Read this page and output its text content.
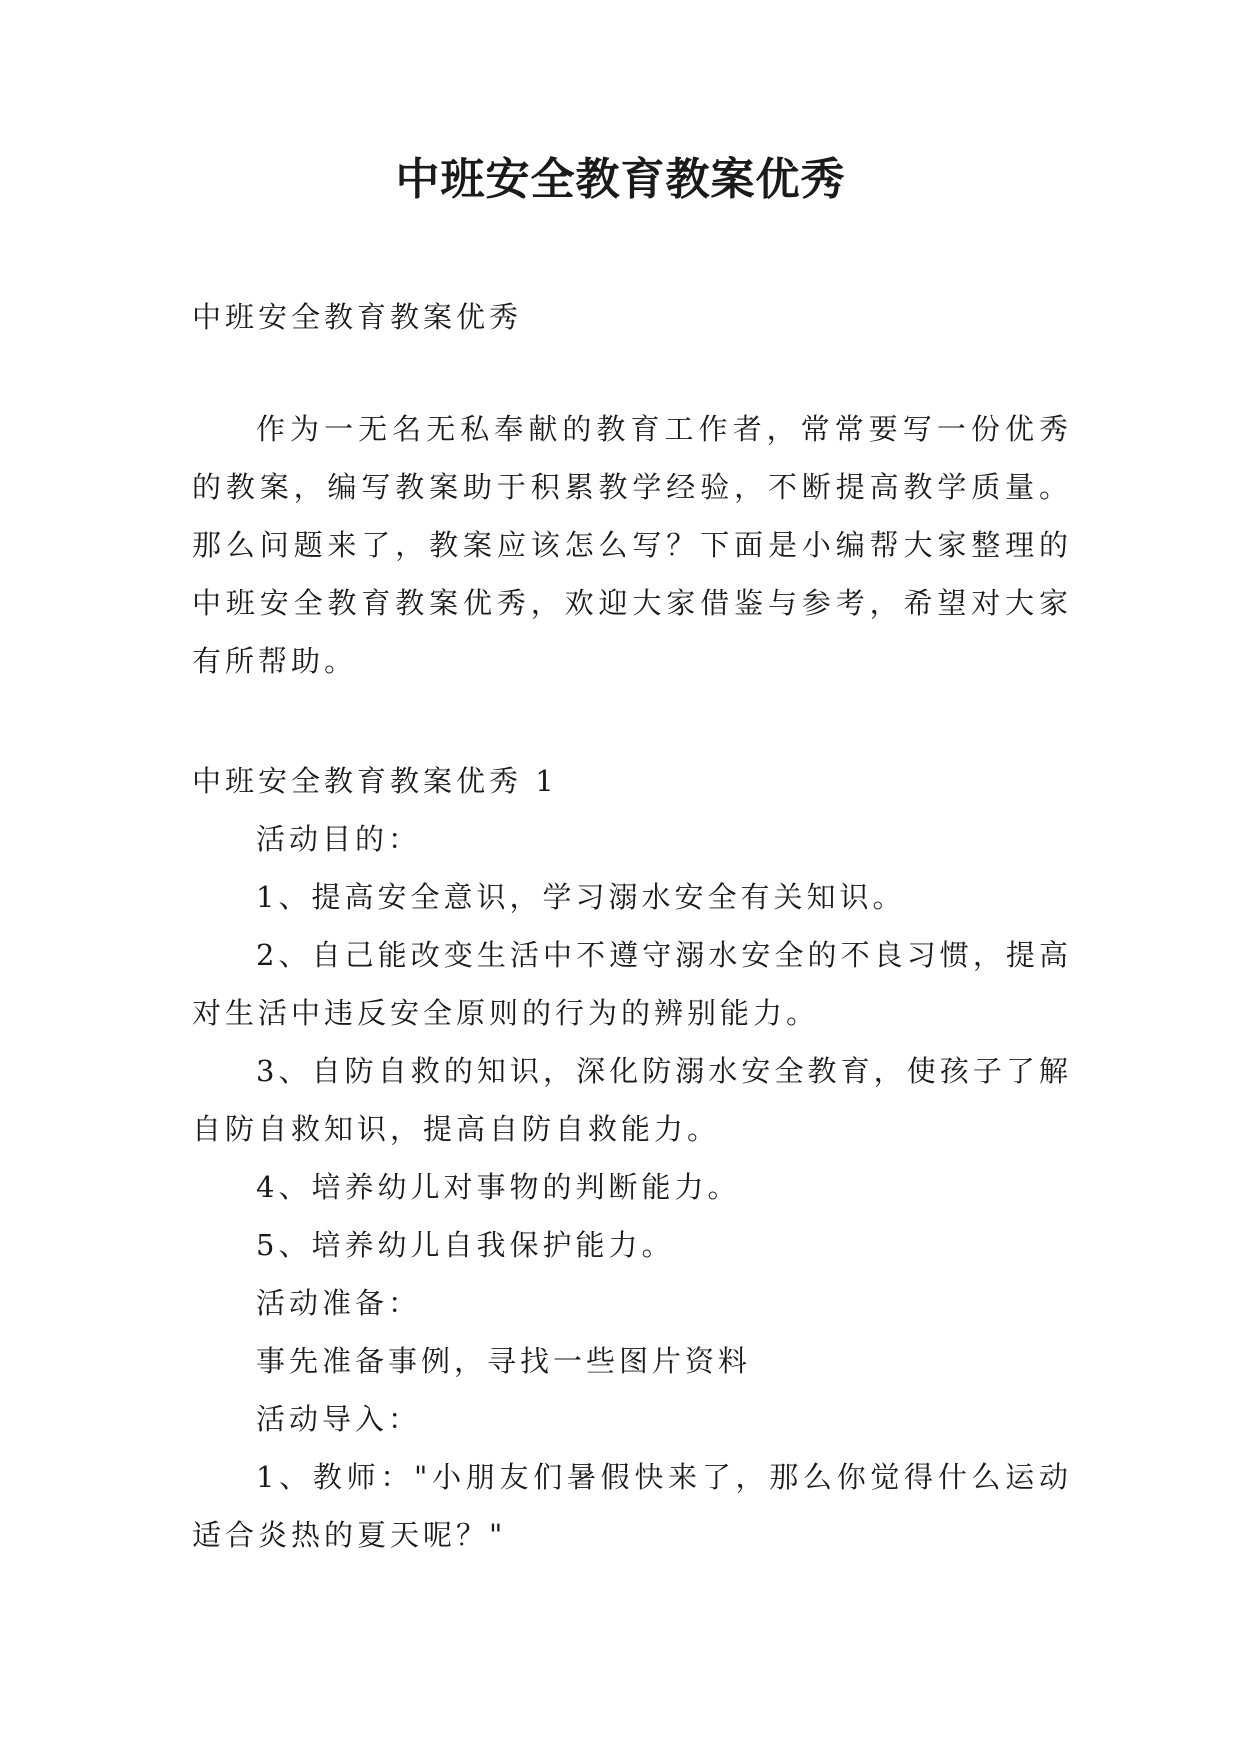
中班安全教育教案优秀

中班安全教育教案优秀

作为一无名无私奉献的教育工作者，常常要写一份优秀的教案，编写教案助于积累教学经验，不断提高教学质量。那么问题来了，教案应该怎么写？下面是小编帮大家整理的中班安全教育教案优秀，欢迎大家借鉴与参考，希望对大家有所帮助。

中班安全教育教案优秀 1

活动目的：

1、提高安全意识，学习溺水安全有关知识。

2、自己能改变生活中不遵守溺水安全的不良习惯，提高对生活中违反安全原则的行为的辨别能力。

3、自防自救的知识，深化防溺水安全教育，使孩子了解自防自救知识，提高自防自救能力。

4、培养幼儿对事物的判断能力。

5、培养幼儿自我保护能力。

活动准备：

事先准备事例，寻找一些图片资料

活动导入：

1、教师："小朋友们暑假快来了，那么你觉得什么运动适合炎热的夏天呢？"
